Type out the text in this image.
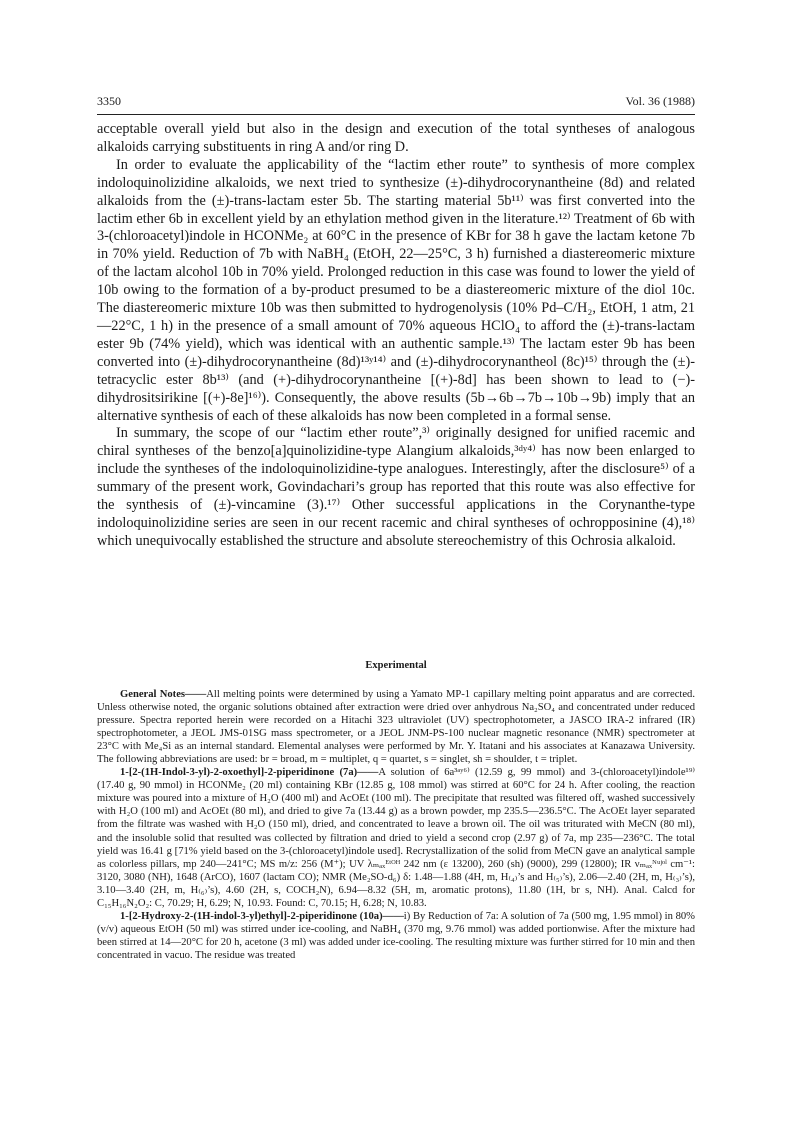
3350	Vol. 36 (1988)

acceptable overall yield but also in the design and execution of the total syntheses of analogous alkaloids carrying substituents in ring A and/or ring D.

In order to evaluate the applicability of the “lactim ether route” to synthesis of more complex indoloquinolizidine alkaloids, we next tried to synthesize (±)-dihydrocorynantheine (8d) and related alkaloids from the (±)-trans-lactam ester 5b. The starting material 5b¹¹⁾ was first converted into the lactim ether 6b in excellent yield by an ethylation method given in the literature.¹²⁾ Treatment of 6b with 3-(chloroacetyl)indole in HCONMe₂ at 60°C in the presence of KBr for 38 h gave the lactam ketone 7b in 70% yield. Reduction of 7b with NaBH₄ (EtOH, 22—25°C, 3 h) furnished a diastereomeric mixture of the lactam alcohol 10b in 70% yield. Prolonged reduction in this case was found to lower the yield of 10b owing to the formation of a by-product presumed to be a diastereomeric mixture of the diol 10c. The diastereomeric mixture 10b was then submitted to hydrogenolysis (10% Pd–C/H₂, EtOH, 1 atm, 21—22°C, 1 h) in the presence of a small amount of 70% aqueous HClO₄ to afford the (±)-trans-lactam ester 9b (74% yield), which was identical with an authentic sample.¹³⁾ The lactam ester 9b has been converted into (±)-dihydrocorynantheine (8d)¹³ʸ¹⁴⁾ and (±)-dihydrocorynantheol (8c)¹⁵⁾ through the (±)-tetracyclic ester 8b¹³⁾ (and (+)-dihydrocorynantheine [(+)-8d] has been shown to lead to (−)-dihydrositsirikine [(+)-8e]¹⁶⁾). Consequently, the above results (5b→6b→7b→10b→9b) imply that an alternative synthesis of each of these alkaloids has now been completed in a formal sense.

In summary, the scope of our “lactim ether route”,³⁾ originally designed for unified racemic and chiral syntheses of the benzo[a]quinolizidine-type Alangium alkaloids,³ᵈʸ⁴⁾ has now been enlarged to include the syntheses of the indoloquinolizidine-type analogues. Interestingly, after the disclosure⁵⁾ of a summary of the present work, Govindachari’s group has reported that this route was also effective for the synthesis of (±)-vincamine (3).¹⁷⁾ Other successful applications in the Corynanthe-type indoloquinolizidine series are seen in our recent racemic and chiral syntheses of ochropposinine (4),¹⁸⁾ which unequivocally established the structure and absolute stereochemistry of this Ochrosia alkaloid.

Experimental

General Notes——All melting points were determined by using a Yamato MP-1 capillary melting point apparatus and are corrected. Unless otherwise noted, the organic solutions obtained after extraction were dried over anhydrous Na₂SO₄ and concentrated under reduced pressure. Spectra reported herein were recorded on a Hitachi 323 ultraviolet (UV) spectrophotometer, a JASCO IRA-2 infrared (IR) spectrophotometer, a JEOL JMS-01SG mass spectrometer, or a JEOL JNM-PS-100 nuclear magnetic resonance (NMR) spectrometer at 23°C with Me₄Si as an internal standard. Elemental analyses were performed by Mr. Y. Itatani and his associates at Kanazawa University. The following abbreviations are used: br = broad, m = multiplet, q = quartet, s = singlet, sh = shoulder, t = triplet.

1-[2-(1H-Indol-3-yl)-2-oxoethyl]-2-piperidinone (7a)——A solution of 6a³ᵃʸ⁶⁾ (12.59 g, 99 mmol) and 3-(chloroacetyl)indole¹⁹⁾ (17.40 g, 90 mmol) in HCONMe₂ (20 ml) containing KBr (12.85 g, 108 mmol) was stirred at 60°C for 24 h. After cooling, the reaction mixture was poured into a mixture of H₂O (400 ml) and AcOEt (100 ml). The precipitate that resulted was filtered off, washed successively with H₂O (100 ml) and AcOEt (80 ml), and dried to give 7a (13.44 g) as a brown powder, mp 235.5—236.5°C. The AcOEt layer separated from the filtrate was washed with H₂O (150 ml), dried, and concentrated to leave a brown oil. The oil was triturated with MeCN (80 ml), and the insoluble solid that resulted was collected by filtration and dried to yield a second crop (2.97 g) of 7a, mp 235—236°C. The total yield was 16.41 g [71% yield based on the 3-(chloroacetyl)indole used]. Recrystallization of the solid from MeCN gave an analytical sample as colorless pillars, mp 240—241°C; MS m/z: 256 (M⁺); UV λₘₐₓᴱᵗᴼᴴ 242 nm (ε 13200), 260 (sh) (9000), 299 (12800); IR νₘₐₓᴺᵘʲᵒˡ cm⁻¹: 3120, 3080 (NH), 1648 (ArCO), 1607 (lactam CO); NMR (Me₂SO-d₆) δ: 1.48—1.88 (4H, m, H₍₄₎’s and H₍₅₎’s), 2.06—2.40 (2H, m, H₍₃₎’s), 3.10—3.40 (2H, m, H₍₆₎’s), 4.60 (2H, s, COCH₂N), 6.94—8.32 (5H, m, aromatic protons), 11.80 (1H, br s, NH). Anal. Calcd for C₁₅H₁₆N₂O₂: C, 70.29; H, 6.29; N, 10.93. Found: C, 70.15; H, 6.28; N, 10.83.

1-[2-Hydroxy-2-(1H-indol-3-yl)ethyl]-2-piperidinone (10a)——i) By Reduction of 7a: A solution of 7a (500 mg, 1.95 mmol) in 80% (v/v) aqueous EtOH (50 ml) was stirred under ice-cooling, and NaBH₄ (370 mg, 9.76 mmol) was added portionwise. After the mixture had been stirred at 14—20°C for 20 h, acetone (3 ml) was added under ice-cooling. The resulting mixture was further stirred for 10 min and then concentrated in vacuo. The residue was treated
